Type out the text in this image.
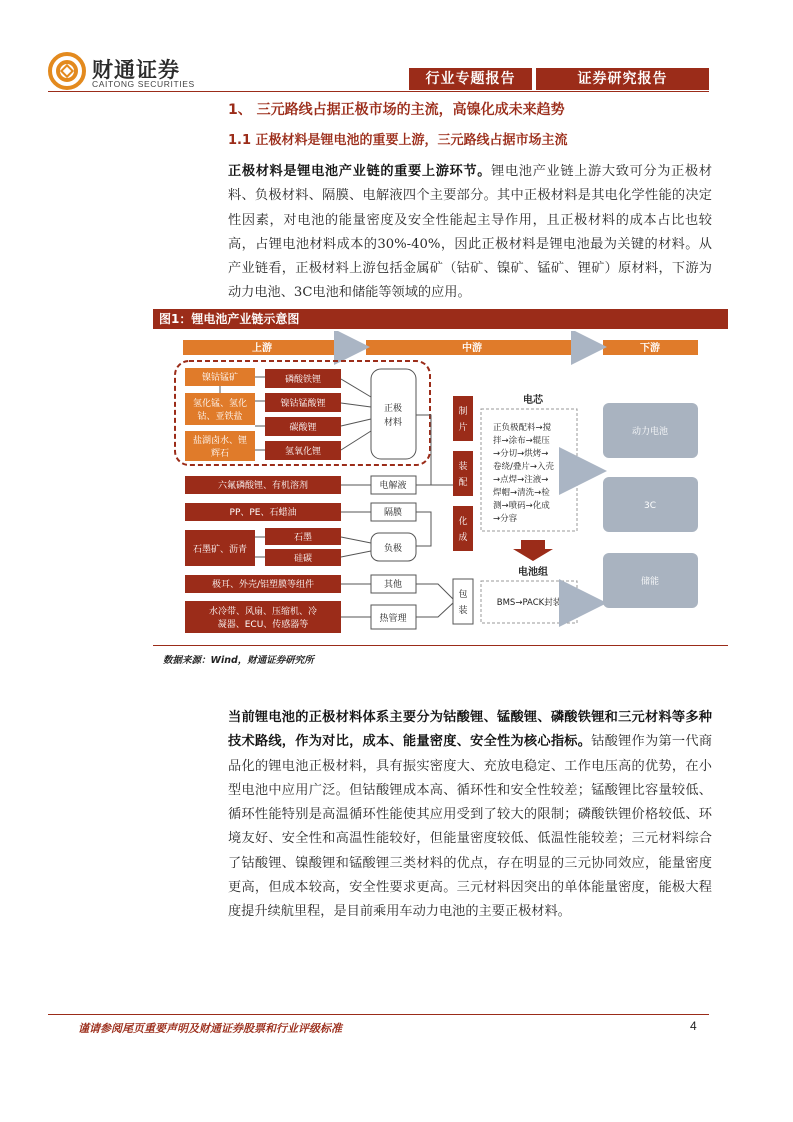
财通证券
CAITONG SECURITIES	行业专题报告	证券研究报告
1、 三元路线占据正极市场的主流，高镍化成未来趋势
1.1 正极材料是锂电池的重要上游，三元路线占据市场主流
正极材料是锂电池产业链的重要上游环节。锂电池产业链上游大致可分为正极材料、负极材料、隔膜、电解液四个主要部分。其中正极材料是其电化学性能的决定性因素，对电池的能量密度及安全性能起主导作用，且正极材料的成本占比也较高，占锂电池材料成本的30%-40%，因此正极材料是锂电池最为关键的材料。从产业链看，正极材料上游包括金属矿（钴矿、镍矿、锰矿、锂矿）原材料，下游为动力电池、3C电池和储能等领域的应用。
图1：锂电池产业链示意图
上游	中游	下游
镍钴锰矿
氢化锰、氢化
钴、亚铁盐
盐湖卤水、锂
辉石
磷酸铁锂
镍钴锰酸锂
碳酸锂
氢氧化锂
正极
材料
六氟磷酸锂、有机溶剂	电解液
PP、PE、石蜡油	隔膜
石墨矿、沥青
石墨
硅碳
负极
极耳、外壳/铝塑膜等组件	其他
水冷带、风扇、压缩机、冷
凝器、ECU、传感器等
热管理
制
片
装
配
化
成
包
装
电芯
正负极配料→搅
拌→涂布→辊压
→分切→烘烤→
卷绕/叠片→入壳
→点焊→注液→
焊帽→清洗→检
测→喷码→化成
→分容
电池组
BMS→PACK封装
动力电池
3C
储能
数据来源：Wind，财通证券研究所
当前锂电池的正极材料体系主要分为钴酸锂、锰酸锂、磷酸铁锂和三元材料等多种技术路线，作为对比，成本、能量密度、安全性为核心指标。钴酸锂作为第一代商品化的锂电池正极材料，具有振实密度大、充放电稳定、工作电压高的优势，在小型电池中应用广泛。但钴酸锂成本高、循环性和安全性较差；锰酸锂比容量较低、循环性能特别是高温循环性能使其应用受到了较大的限制；磷酸铁锂价格较低、环境友好、安全性和高温性能较好，但能量密度较低、低温性能较差；三元材料综合了钴酸锂、镍酸锂和锰酸锂三类材料的优点，存在明显的三元协同效应，能量密度更高，但成本较高，安全性要求更高。三元材料因突出的单体能量密度，能极大程度提升续航里程，是目前乘用车动力电池的主要正极材料。
谨请参阅尾页重要声明及财通证券股票和行业评级标准	4
